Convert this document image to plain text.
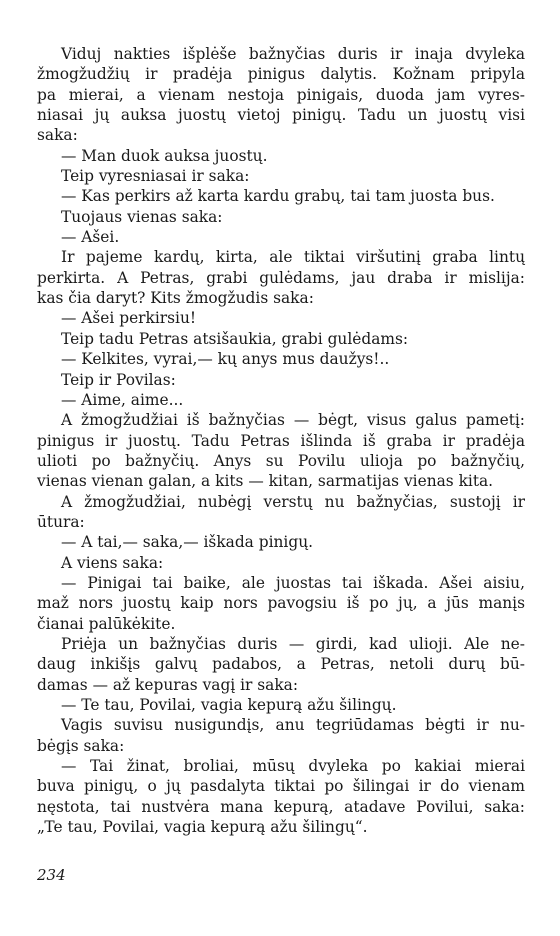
Viduj nakties išplėše bažnyčias duris ir inaja dvyleka
žmogžudžių ir pradėja pinigus dalytis. Kožnam pripyla
pa mierai, a vienam nestoja pinigais, duoda jam vyres-
niasai jų auksa juostų vietoj pinigų. Tadu un juostų visi
saka:
— Man duok auksa juostų.
Teip vyresniasai ir saka:
— Kas perkirs až karta kardu grabų, tai tam juosta bus.
Tuojaus vienas saka:
— Ašei.
Ir pajeme kardų, kirta, ale tiktai viršutinį graba lintų
perkirta. A Petras, grabi gulėdams, jau draba ir mislija:
kas čia daryt? Kits žmogžudis saka:
— Ašei perkirsiu!
Teip tadu Petras atsišaukia, grabi gulėdams:
— Kelkites, vyrai,— kų anys mus daužys!..
Teip ir Povilas:
— Aime, aime...
A žmogžudžiai iš bažnyčias — bėgt, visus galus pametį:
pinigus ir juostų. Tadu Petras išlinda iš graba ir pradėja
ulioti po bažnyčių. Anys su Povilu ulioja po bažnyčių,
vienas vienan galan, a kits — kitan, sarmatijas vienas kita.
A žmogžudžiai, nubėgį verstų nu bažnyčias, sustojį ir
ūtura:
— A tai,— saka,— iškada pinigų.
A viens saka:
— Pinigai tai baike, ale juostas tai iškada. Ašei aisiu,
maž nors juostų kaip nors pavogsiu iš po jų, a jūs manįs
čianai palūkėkite.
Priėja un bažnyčias duris — girdi, kad ulioji. Ale ne-
daug inkišįs galvų padabos, a Petras, netoli durų bū-
damas — až kepuras vagį ir saka:
— Te tau, Povilai, vagia kepurą ažu šilingų.
Vagis suvisu nusigundįs, anu tegriūdamas bėgti ir nu-
bėgįs saka:
— Tai žinat, broliai, mūsų dvyleka po kakiai mierai
buva pinigų, o jų pasdalyta tiktai po šilingai ir do vienam
nęstota, tai nustvėra mana kepurą, atadave Povilui, saka:
„Te tau, Povilai, vagia kepurą ažu šilingų“.
234
